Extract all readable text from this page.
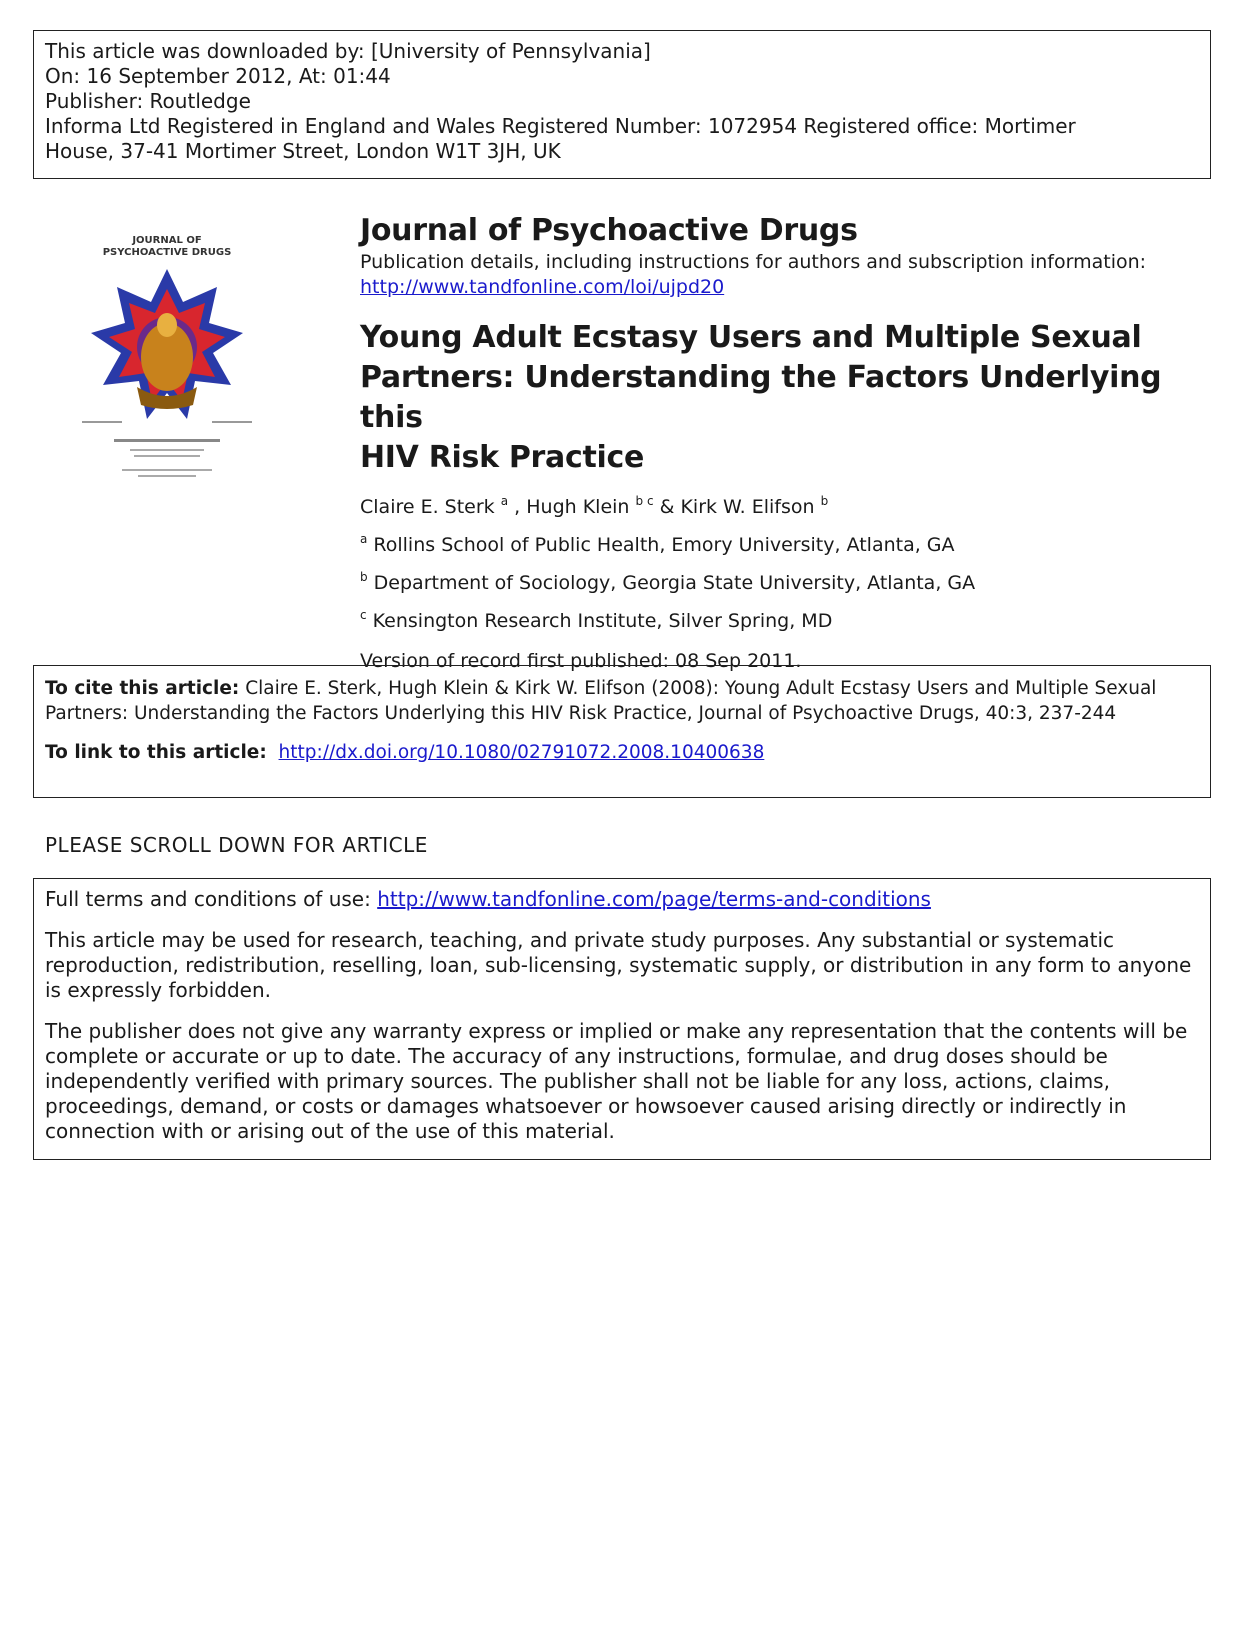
This article was downloaded by: [University of Pennsylvania]
On: 16 September 2012, At: 01:44
Publisher: Routledge
Informa Ltd Registered in England and Wales Registered Number: 1072954 Registered office: Mortimer
House, 37-41 Mortimer Street, London W1T 3JH, UK
JOURNAL OF
PSYCHOACTIVE DRUGS
Journal of Psychoactive Drugs
Publication details, including instructions for authors and subscription information:
http://www.tandfonline.com/loi/ujpd20
Young Adult Ecstasy Users and Multiple Sexual
Partners: Understanding the Factors Underlying this
HIV Risk Practice
Claire E. Sterk $^a$ , Hugh Klein $^{b c}$ & Kirk W. Elifson $^b$
$^a$ Rollins School of Public Health, Emory University, Atlanta, GA
$^b$ Department of Sociology, Georgia State University, Atlanta, GA
$^c$ Kensington Research Institute, Silver Spring, MD
Version of record first published: 08 Sep 2011.
To cite this article: Claire E. Sterk, Hugh Klein & Kirk W. Elifson (2008): Young Adult Ecstasy Users and Multiple Sexual Partners: Understanding the Factors Underlying this HIV Risk Practice, Journal of Psychoactive Drugs, 40:3, 237-244
To link to this article: http://dx.doi.org/10.1080/02791072.2008.10400638
PLEASE SCROLL DOWN FOR ARTICLE

Full terms and conditions of use: http://www.tandfonline.com/page/terms-and-conditions

This article may be used for research, teaching, and private study purposes. Any substantial or systematic reproduction, redistribution, reselling, loan, sub-licensing, systematic supply, or distribution in any form to anyone is expressly forbidden.

The publisher does not give any warranty express or implied or make any representation that the contents will be complete or accurate or up to date. The accuracy of any instructions, formulae, and drug doses should be independently verified with primary sources. The publisher shall not be liable for any loss, actions, claims, proceedings, demand, or costs or damages whatsoever or howsoever caused arising directly or indirectly in connection with or arising out of the use of this material.
